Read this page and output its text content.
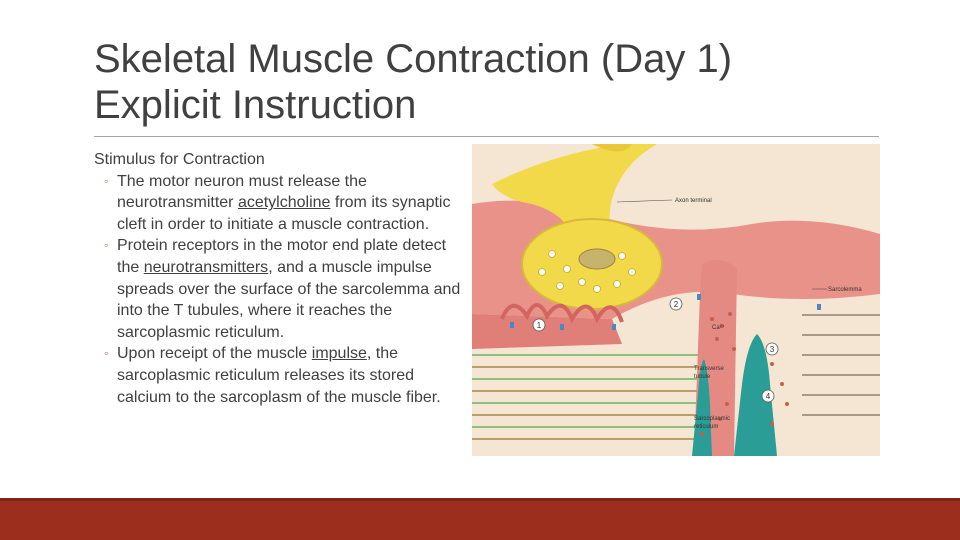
Skeletal Muscle Contraction (Day 1)
Explicit Instruction

Stimulus for Contraction

◦ The motor neuron must release the neurotransmitter acetylcholine from its synaptic cleft in order to initiate a muscle contraction.

◦ Protein receptors in the motor end plate detect the neurotransmitters, and a muscle impulse spreads over the surface of the sarcolemma and into the T tubules, where it reaches the sarcoplasmic reticulum.

◦ Upon receipt of the muscle impulse, the sarcoplasmic reticulum releases its stored calcium to the sarcoplasm of the muscle fiber.

1
2
3
4
Axon terminal
Sarcolemma
Ca²⁺
Transverse
tubule
Sarcoplasmic
reticulum
